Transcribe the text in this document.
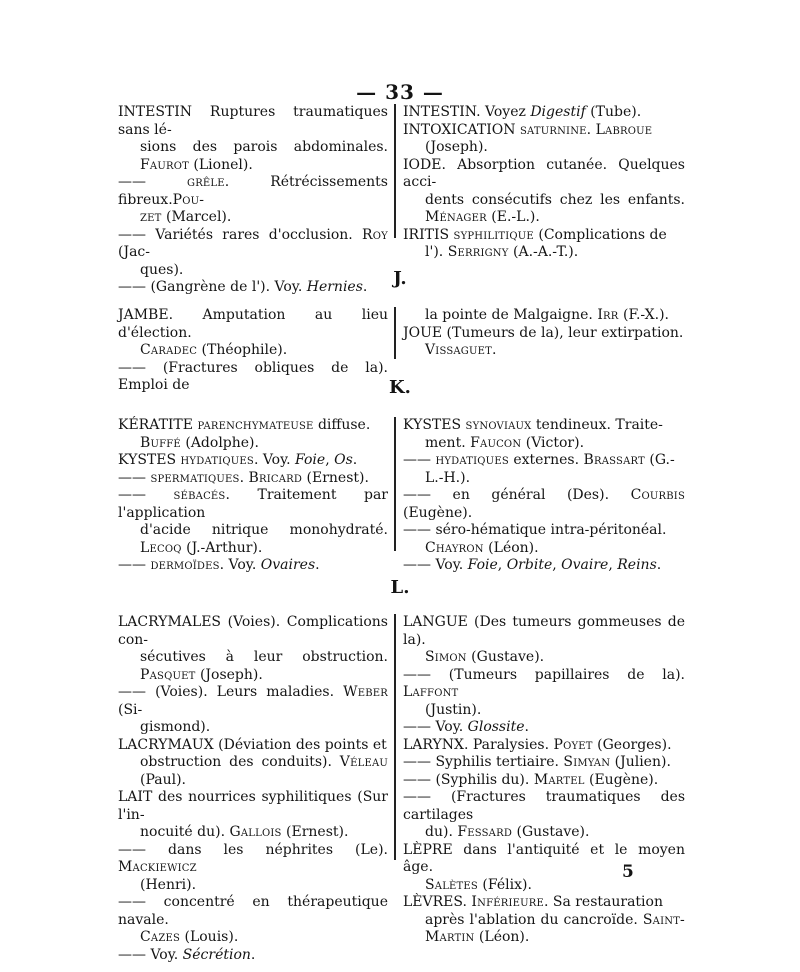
— 33 —
INTESTIN Ruptures traumatiques sans lé-
sions des parois abdominales. Faurot (Lionel).
—— grêle. Rétrécissements fibreux.Pou-
zet (Marcel).
—— Variétés rares d'occlusion. Roy (Jac-
ques).
—— (Gangrène de l'). Voy. Hernies.
INTESTIN. Voyez Digestif (Tube).
INTOXICATION saturnine. Labroue
(Joseph).
IODE. Absorption cutanée. Quelques acci-
dents consécutifs chez les enfants. Ménager (E.-L.).
IRITIS syphilitique (Complications de
l'). Serrigny (A.-A.-T.).
J.
JAMBE. Amputation au lieu d'élection.
Caradec (Théophile).
—— (Fractures obliques de la). Emploi de
la pointe de Malgaigne. Irr (F.-X.).
JOUE (Tumeurs de la), leur extirpation.
Vissaguet.
K.
KÉRATITE parenchymateuse diffuse.
Buffé (Adolphe).
KYSTES hydatiques. Voy. Foie, Os.
—— spermatiques. Bricard (Ernest).
—— sébacés. Traitement par l'application
d'acide nitrique monohydraté. Lecoq (J.-Arthur).
—— dermoïdes. Voy. Ovaires.
KYSTES synoviaux tendineux. Traite-
ment. Faucon (Victor).
—— hydatiques externes. Brassart (G.-
L.-H.).
—— en général (Des). Courbis (Eugène).
—— séro-hématique intra-péritonéal.
Chayron (Léon).
—— Voy. Foie, Orbite, Ovaire, Reins.
L.
LACRYMALES (Voies). Complications con-
sécutives à leur obstruction. Pasquet (Joseph).
—— (Voies). Leurs maladies. Weber (Si-
gismond).
LACRYMAUX (Déviation des points et
obstruction des conduits). Véleau (Paul).
LAIT des nourrices syphilitiques (Sur l'in-
nocuité du). Gallois (Ernest).
—— dans les néphrites (Le). Mackiewicz
(Henri).
—— concentré en thérapeutique navale.
Cazes (Louis).
—— Voy. Sécrétion.
LANGUE (Des tumeurs gommeuses de la).
Simon (Gustave).
—— (Tumeurs papillaires de la). Laffont
(Justin).
—— Voy. Glossite.
LARYNX. Paralysies. Poyet (Georges).
—— Syphilis tertiaire. Simyan (Julien).
—— (Syphilis du). Martel (Eugène).
—— (Fractures traumatiques des cartilages
du). Fessard (Gustave).
LÈPRE dans l'antiquité et le moyen âge.
Salètes (Félix).
LÈVRES. Inférieure. Sa restauration
après l'ablation du cancroïde. Saint-Martin (Léon).
5
